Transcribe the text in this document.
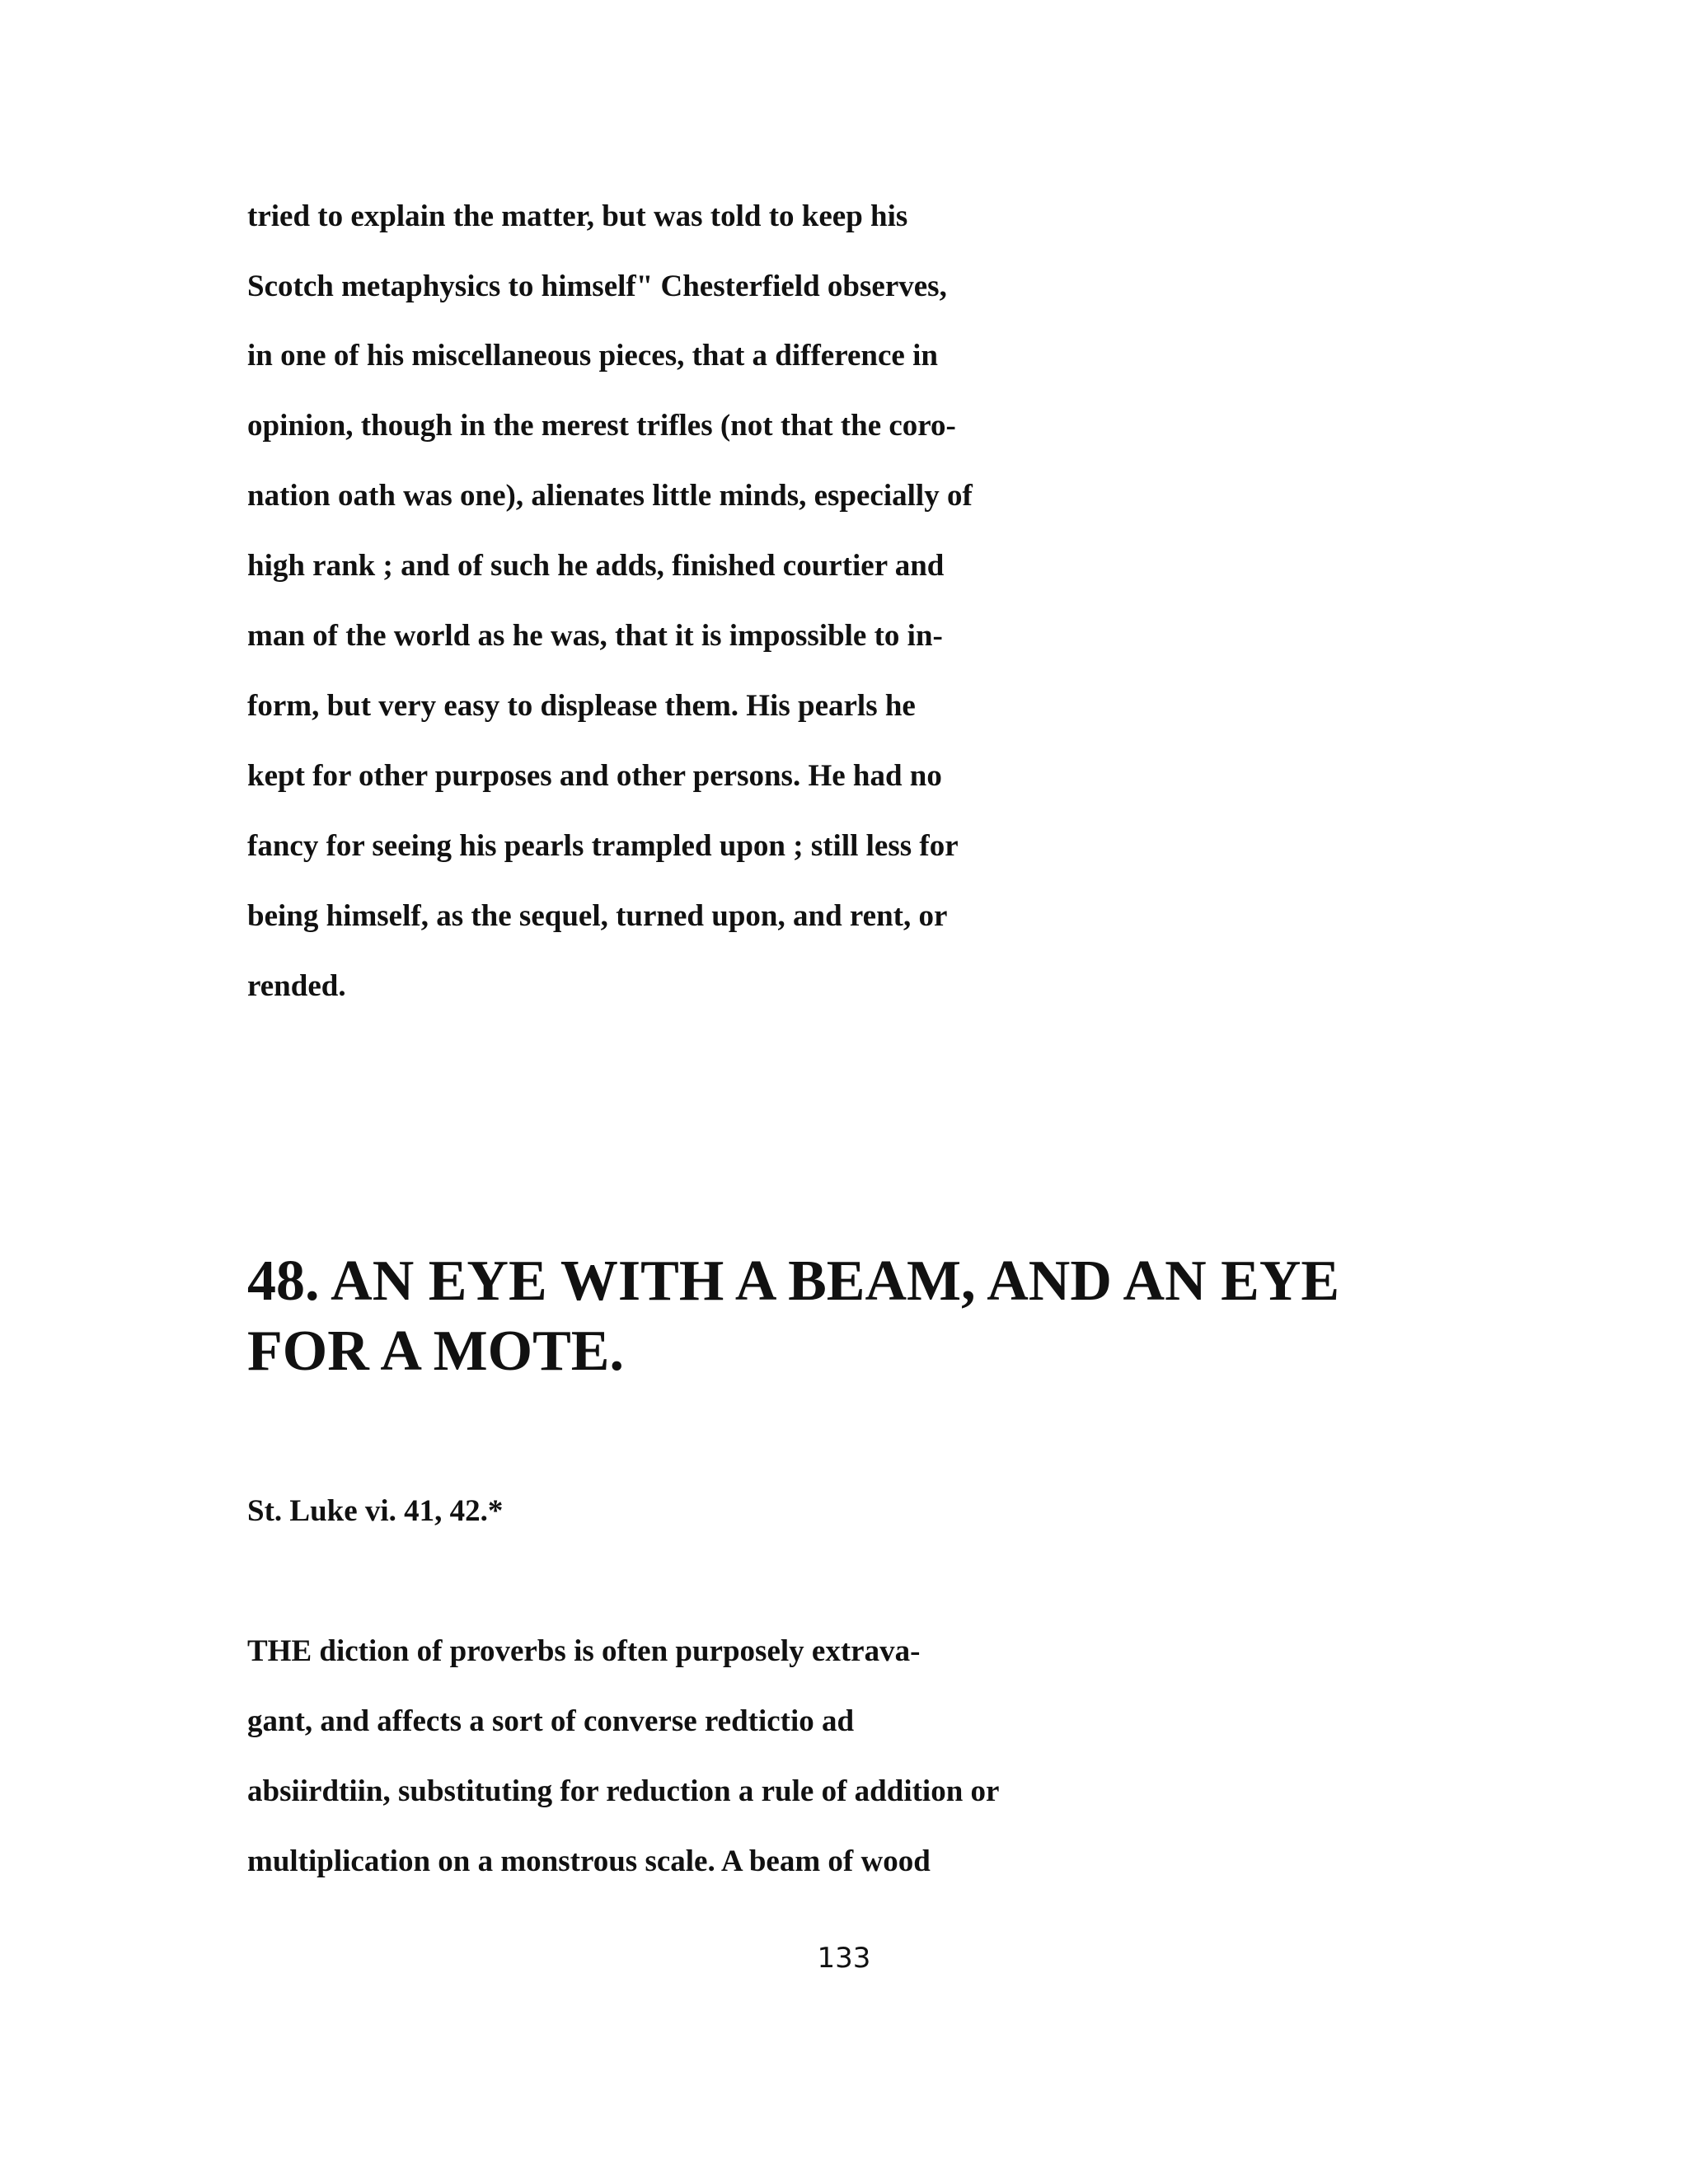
tried to explain the matter, but was told to keep his

Scotch metaphysics to himself" Chesterfield observes,

in one of his miscellaneous pieces, that a difference in

opinion, though in the merest trifles (not that the coro-

nation oath was one), alienates little minds, especially of

high rank ; and of such he adds, finished courtier and

man of the world as he was, that it is impossible to in-

form, but very easy to displease them. His pearls he

kept for other purposes and other persons. He had no

fancy for seeing his pearls trampled upon ; still less for

being himself, as the sequel, turned upon, and rent, or

rended.

48. AN EYE WITH A BEAM, AND AN EYE
FOR A MOTE.

St. Luke vi. 41, 42.*

THE diction of proverbs is often purposely extrava-

gant, and affects a sort of converse redtictio ad

absiirdtiin, substituting for reduction a rule of addition or

multiplication on a monstrous scale. A beam of wood

133
